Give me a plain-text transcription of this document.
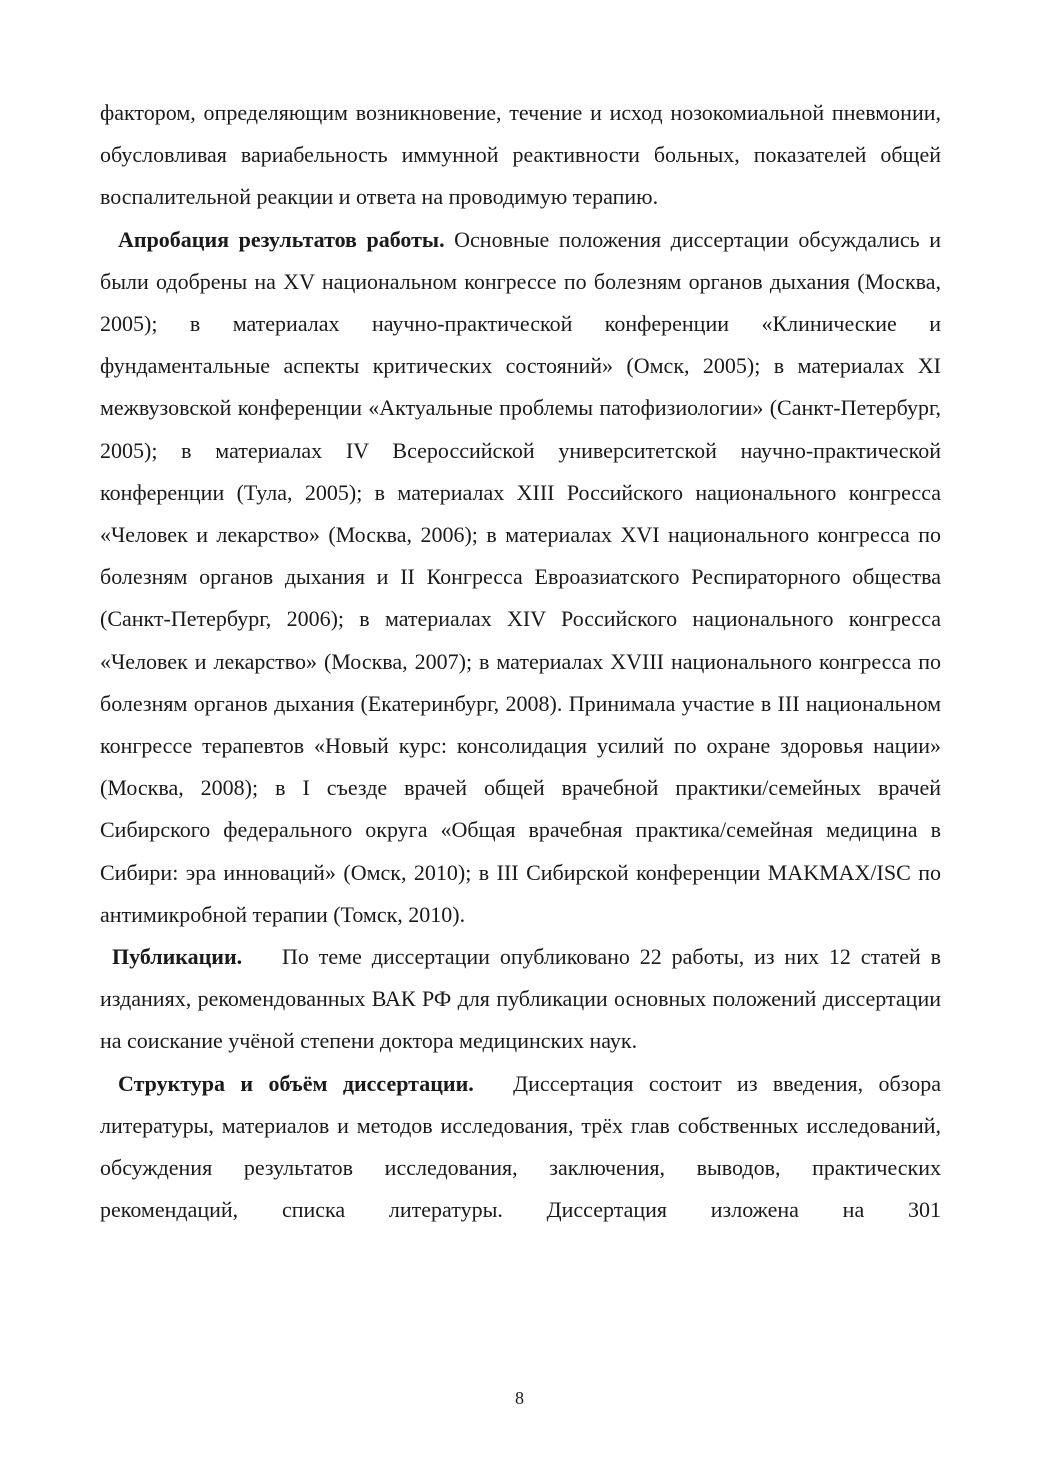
фактором, определяющим возникновение, течение и исход нозокомиальной пневмонии, обусловливая вариабельность иммунной реактивности больных, показателей общей воспалительной реакции и ответа на проводимую терапию.

Апробация результатов работы. Основные положения диссертации обсуждались и были одобрены на XV национальном конгрессе по болезням органов дыхания (Москва, 2005); в материалах научно-практической конференции «Клинические и фундаментальные аспекты критических состояний» (Омск, 2005); в материалах XI межвузовской конференции «Актуальные проблемы патофизиологии» (Санкт-Петербург, 2005); в материалах IV Всероссийской университетской научно-практической конференции (Тула, 2005); в материалах XIII Российского национального конгресса «Человек и лекарство» (Москва, 2006); в материалах XVI национального конгресса по болезням органов дыхания и II Конгресса Евроазиатского Респираторного общества (Санкт-Петербург, 2006); в материалах XIV Российского национального конгресса «Человек и лекарство» (Москва, 2007); в материалах XVIII национального конгресса по болезням органов дыхания (Екатеринбург, 2008). Принимала участие в III национальном конгрессе терапевтов «Новый курс: консолидация усилий по охране здоровья нации» (Москва, 2008); в I съезде врачей общей врачебной практики/семейных врачей Сибирского федерального округа «Общая врачебная практика/семейная медицина в Сибири: эра инноваций» (Омск, 2010); в III Сибирской конференции MAKMAX/ISC по антимикробной терапии (Томск, 2010).

Публикации. По теме диссертации опубликовано 22 работы, из них 12 статей в изданиях, рекомендованных ВАК РФ для публикации основных положений диссертации на соискание учёной степени доктора медицинских наук.

Структура и объём диссертации. Диссертация состоит из введения, обзора литературы, материалов и методов исследования, трёх глав собственных исследований, обсуждения результатов исследования, заключения, выводов, практических рекомендаций, списка литературы. Диссертация изложена на 301

8
